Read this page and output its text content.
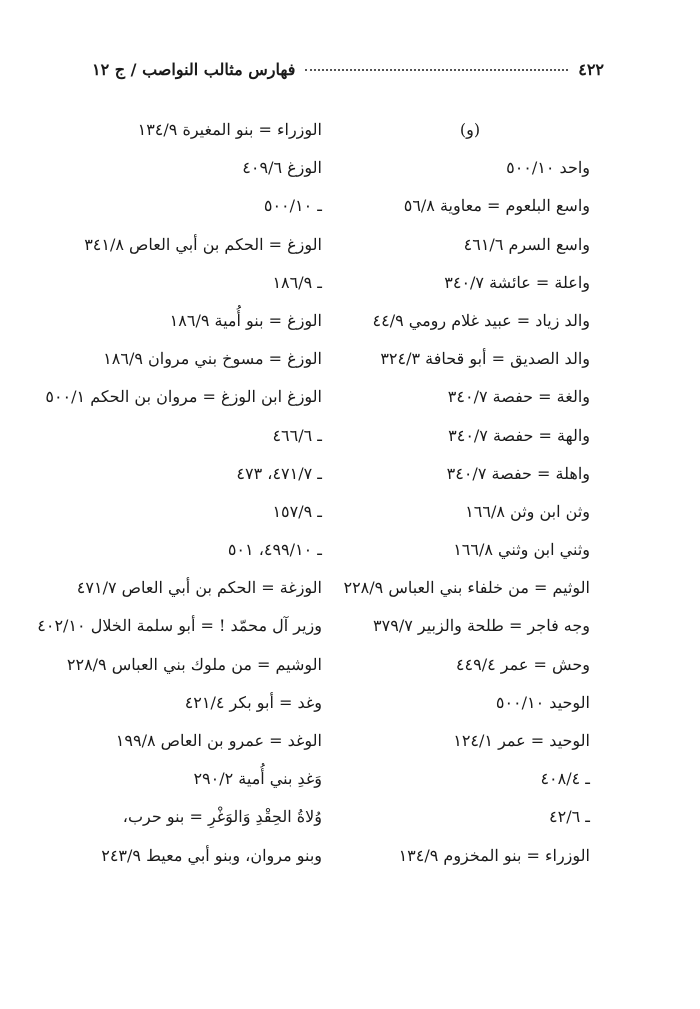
٤٢٢
فهارس مثالب النواصب / ج ١٢
(و)
واحد ٥٠٠/١٠
واسع البلعوم = معاوية ٥٦/٨
واسع السرم ٤٦١/٦
واعلة = عائشة ٣٤٠/٧
والد زياد = عبيد غلام رومي ٤٤/٩
والد الصديق = أبو قحافة ٣٢٤/٣
والغة = حفصة ٣٤٠/٧
والهة = حفصة ٣٤٠/٧
واهلة = حفصة ٣٤٠/٧
وثن ابن وثن ١٦٦/٨
وثني ابن وثني ١٦٦/٨
الوثيم = من خلفاء بني العباس ٢٢٨/٩
وجه فاجر = طلحة والزبير ٣٧٩/٧
وحش = عمر ٤٤٩/٤
الوحيد ٥٠٠/١٠
الوحيد = عمر ١٢٤/١
ـ ٤٠٨/٤
ـ ٤٢/٦
الوزراء = بنو المخزوم ١٣٤/٩
الوزراء = بنو المغيرة ١٣٤/٩
الوزغ ٤٠٩/٦
ـ ٥٠٠/١٠
الوزغ = الحكم بن أبي العاص ٣٤١/٨
ـ ١٨٦/٩
الوزغ = بنو أُمية ١٨٦/٩
الوزغ = مسوخ بني مروان ١٨٦/٩
الوزغ ابن الوزغ = مروان بن الحكم ٥٠٠/١
ـ ٤٦٦/٦
ـ ٤٧١/٧، ٤٧٣
ـ ١٥٧/٩
ـ ٤٩٩/١٠، ٥٠١
الوزغة = الحكم بن أبي العاص ٤٧١/٧
وزير آل محمّد ! = أبو سلمة الخلال ٤٠٢/١٠
الوشيم = من ملوك بني العباس ٢٢٨/٩
وغد = أبو بكر ٤٢١/٤
الوغد = عمرو بن العاص ١٩٩/٨
وَغدِ بني أُمية ٢٩٠/٢
وُلاةُ الحِقْدِ وَالوَغْرِ = بنو حرب،
وبنو مروان، وبنو أبي معيط ٢٤٣/٩
